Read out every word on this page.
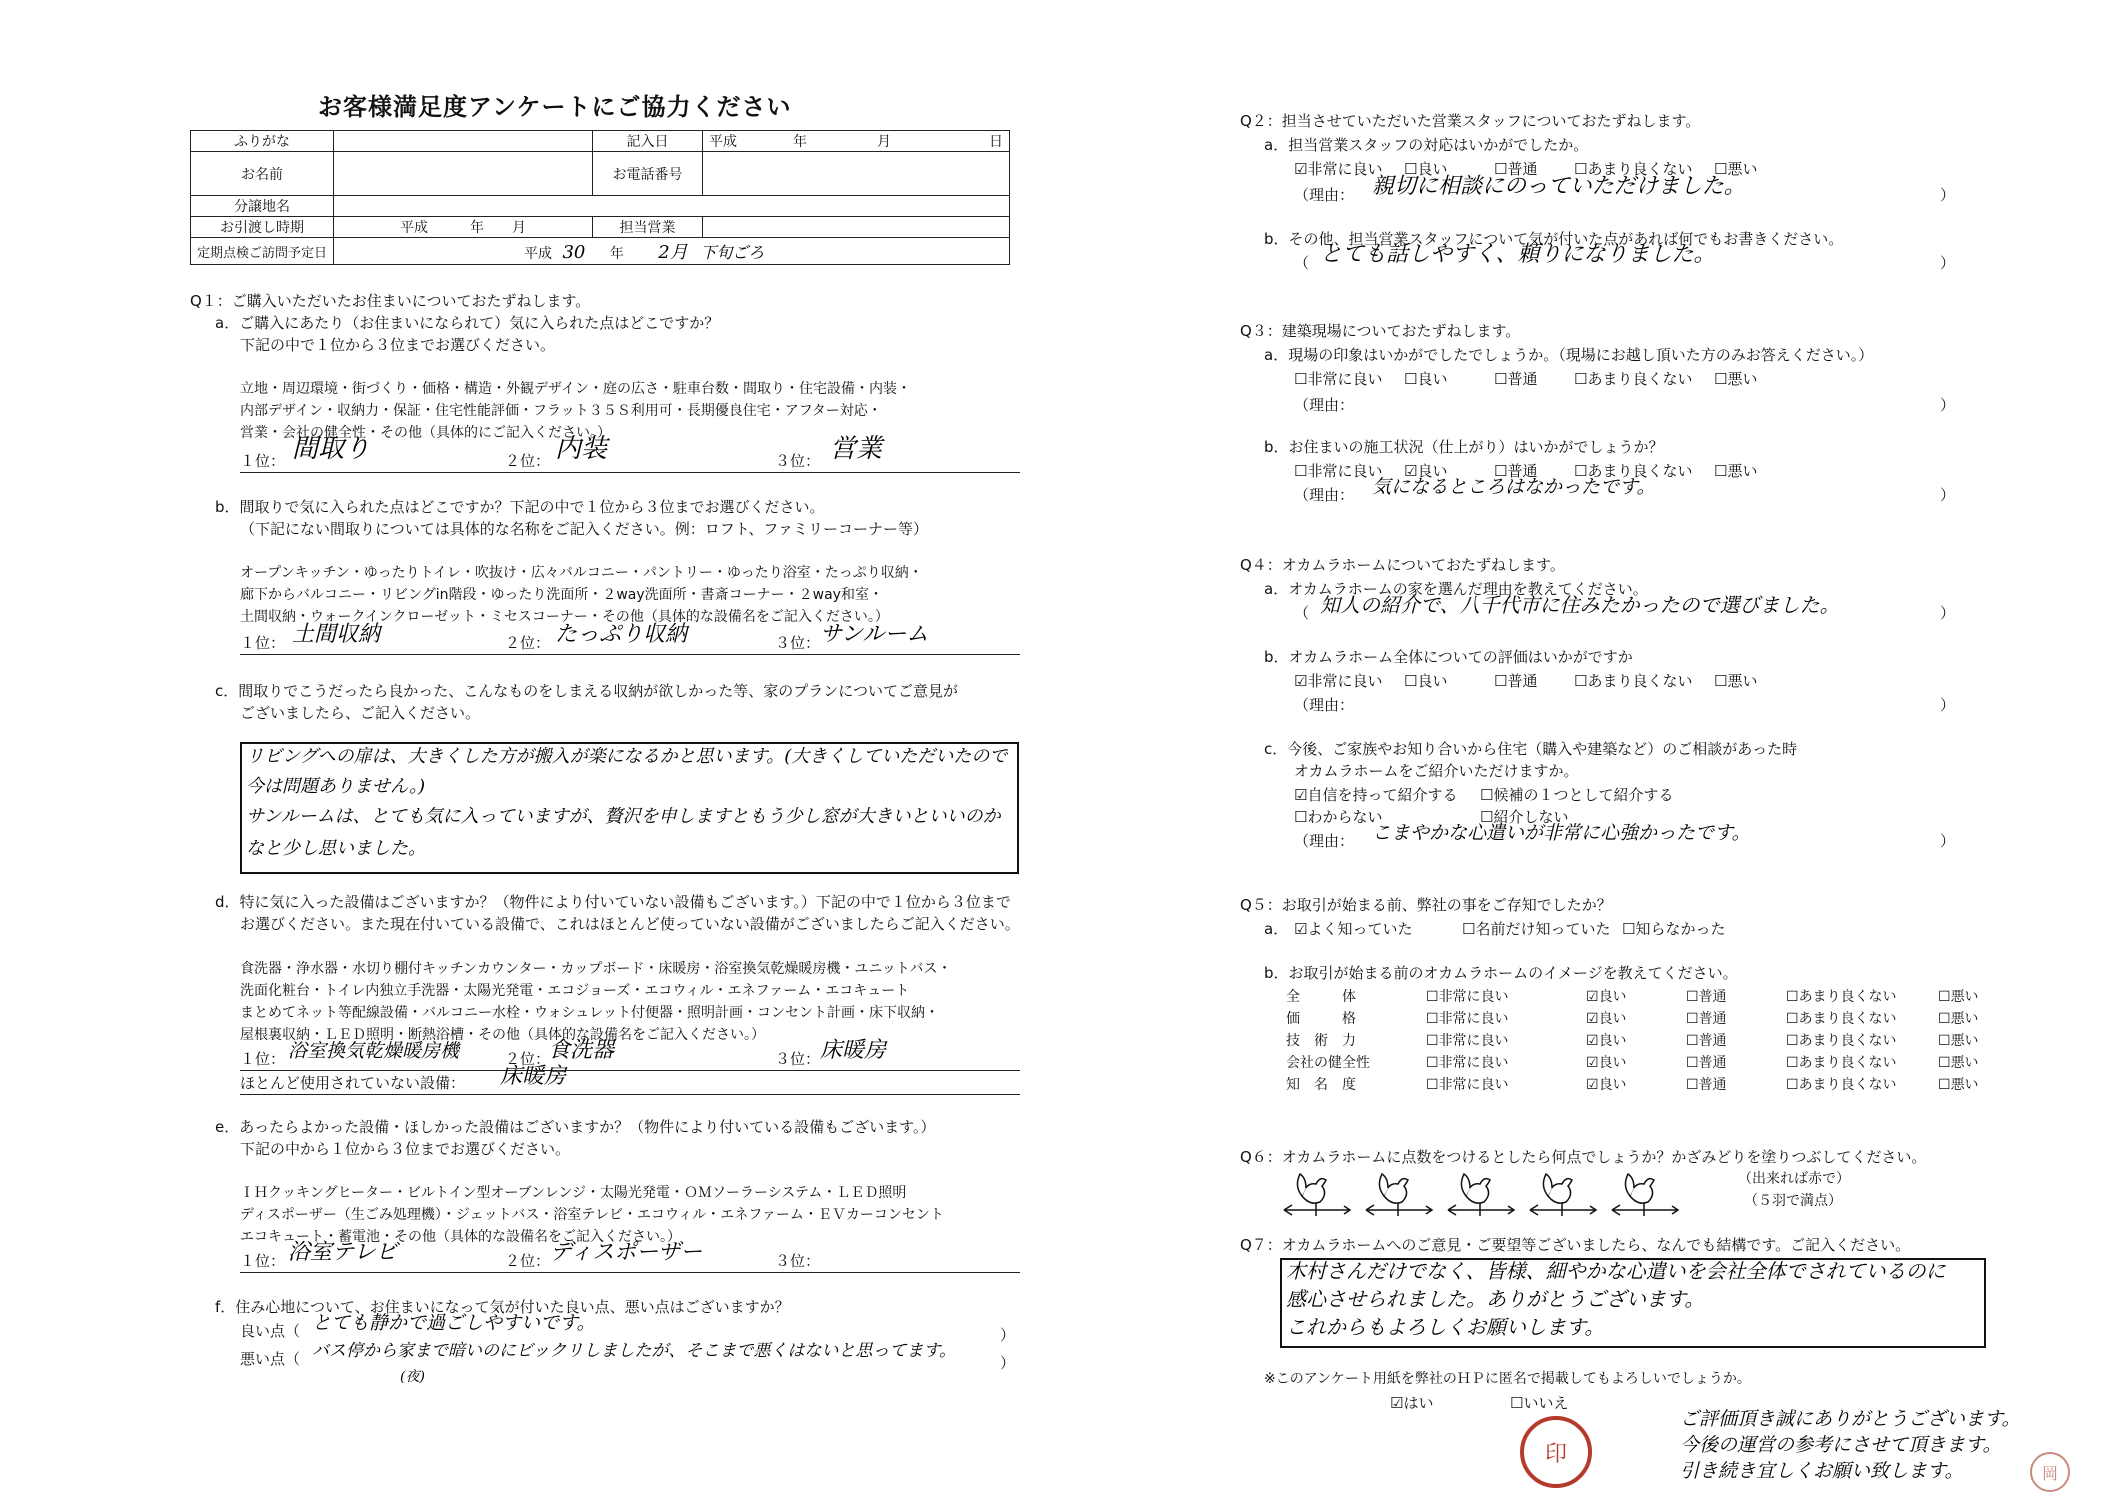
お客様満足度アンケートにご協力ください
ふりがな		記入日	平成　　　　年　　　　　月　　　　　　　日
お名前		お電話番号	
分譲地名			
お引渡し時期	平成　　　年　　月	担当営業	
定期点検ご訪問予定日	平成 30 年 2月 下旬ごろ		
Q１：ご購入いただいたお住まいについておたずねします。
a．ご購入にあたり（お住まいになられて）気に入られた点はどこですか？
下記の中で１位から３位までお選びください。
立地・周辺環境・街づくり・価格・構造・外観デザイン・庭の広さ・駐車台数・間取り・住宅設備・内装・
内部デザイン・収納力・保証・住宅性能評価・フラット３５Ｓ利用可・長期優良住宅・アフター対応・
営業・会社の健全性・その他（具体的にご記入ください。）
１位： 間取り	２位： 内装	３位： 営業
b．間取りで気に入られた点はどこですか？下記の中で１位から３位までお選びください。
（下記にない間取りについては具体的な名称をご記入ください。例：ロフト、ファミリーコーナー等）
オープンキッチン・ゆったりトイレ・吹抜け・広々バルコニー・パントリー・ゆったり浴室・たっぷり収納・
廊下からバルコニー・リビングin階段・ゆったり洗面所・２way洗面所・書斎コーナー・２way和室・
土間収納・ウォークインクローゼット・ミセスコーナー・その他（具体的な設備名をご記入ください。）
１位： 土間収納	２位： たっぷり収納	３位： サンルーム
c．間取りでこうだったら良かった、こんなものをしまえる収納が欲しかった等、家のプランについてご意見が
ございましたら、ご記入ください。
リビングへの扉は、大きくした方が搬入が楽になるかと思います。(大きくしていただいたので
今は問題ありません。)
サンルームは、とても気に入っていますが、贅沢を申しますともう少し窓が大きいといいのか
なと少し思いました。
d．特に気に入った設備はございますか？（物件により付いていない設備もございます。）下記の中で１位から３位まで
お選びください。また現在付いている設備で、これはほとんど使っていない設備がございましたらご記入ください。
食洗器・浄水器・水切り棚付キッチンカウンター・カップボード・床暖房・浴室換気乾燥暖房機・ユニットバス・
洗面化粧台・トイレ内独立手洗器・太陽光発電・エコジョーズ・エコウィル・エネファーム・エコキュート
まとめてネット等配線設備・バルコニー水栓・ウォシュレット付便器・照明計画・コンセント計画・床下収納・
屋根裏収納・ＬＥＤ照明・断熱浴槽・その他（具体的な設備名をご記入ください。）
１位： 浴室換気乾燥暖房機	２位：
食洗器	３位： 床暖房
ほとんど使用されていない設備： 床暖房
e．あったらよかった設備・ほしかった設備はございますか？（物件により付いている設備もございます。）
下記の中から１位から３位までお選びください。
ＩＨクッキングヒーター・ビルトイン型オーブンレンジ・太陽光発電・ＯＭソーラーシステム・ＬＥＤ照明
ディスポーザー（生ごみ処理機）・ジェットバス・浴室テレビ・エコウィル・エネファーム・ＥＶカーコンセント
エコキュート・蓄電池・その他（具体的な設備名をご記入ください。）
１位： 浴室テレビ	２位： ディスポーザー	３位：
f．住み心地について、お住まいになって気が付いた良い点、悪い点はございますか？
良い点（ とても静かで過ごしやすいです。
）
悪い点（ バス停から家まで暗いのにビックリしましたが、そこまで悪くはないと思ってます。
(夜)
）
Q２：担当させていただいた営業スタッフについておたずねします。
a．担当営業スタッフの対応はいかがでしたか。
☑非常に良い ☐良い	☐普通 ☐あまり良くない ☐悪い
（理由： 親切に相談にのっていただけました。	）
b．その他、担当営業スタッフについて気が付いた点があれば何でもお書きください。
（ とても話しやすく、頼りになりました。	）
Q３：建築現場についておたずねします。
a．現場の印象はいかがでしたでしょうか。（現場にお越し頂いた方のみお答えください。）
☐非常に良い ☐良い	☐普通 ☐あまり良くない ☐悪い
（理由：	）
b．お住まいの施工状況（仕上がり）はいかがでしょうか？
☐非常に良い ☑良い	☐普通 ☐あまり良くない ☐悪い
（理由： 気になるところはなかったです。	）
Q４：オカムラホームについておたずねします。
a．オカムラホームの家を選んだ理由を教えてください。
（ 知人の紹介で、八千代市に住みたかったので選びました。	）
b．オカムラホーム全体についての評価はいかがですか
☑非常に良い ☐良い	☐普通 ☐あまり良くない ☐悪い
（理由：	）
c．今後、ご家族やお知り合いから住宅（購入や建築など）のご相談があった時
オカムラホームをご紹介いただけますか。
☑自信を持って紹介する ☐候補の１つとして紹介する
☐わからない	☐紹介しない
（理由： こまやかな心遣いが非常に心強かったです。	）
Q５：お取引が始まる前、弊社の事をご存知でしたか？
a． ☑よく知っていた	☐名前だけ知っていた ☐知らなかった
b．お取引が始まる前のオカムラホームのイメージを教えてください。
全　　　体	☐非常に良い	☑良い	☐普通	☐あまり良くない	☐悪い
価　　　格	☐非常に良い	☑良い	☐普通	☐あまり良くない	☐悪い
技　術　力	☐非常に良い	☑良い	☐普通	☐あまり良くない	☐悪い
会社の健全性	☐非常に良い	☑良い	☐普通	☐あまり良くない	☐悪い
知　名　度	☐非常に良い	☑良い	☐普通	☐あまり良くない	☐悪い
Q６：オカムラホームに点数をつけるとしたら何点でしょうか？かざみどりを塗りつぶしてください。
（出来れば赤で）
（５羽で満点）
Q７：オカムラホームへのご意見・ご要望等ございましたら、なんでも結構です。ご記入ください。
木村さんだけでなく、皆様、細やかな心遣いを会社全体でされているのに
感心させられました。ありがとうございます。
これからもよろしくお願いします。
※このアンケート用紙を弊社のＨＰに匿名で掲載してもよろしいでしょうか。
☑はい	☐いいえ
印
ご評価頂き誠にありがとうございます。
今後の運営の参考にさせて頂きます。
引き続き宜しくお願い致します。	岡
